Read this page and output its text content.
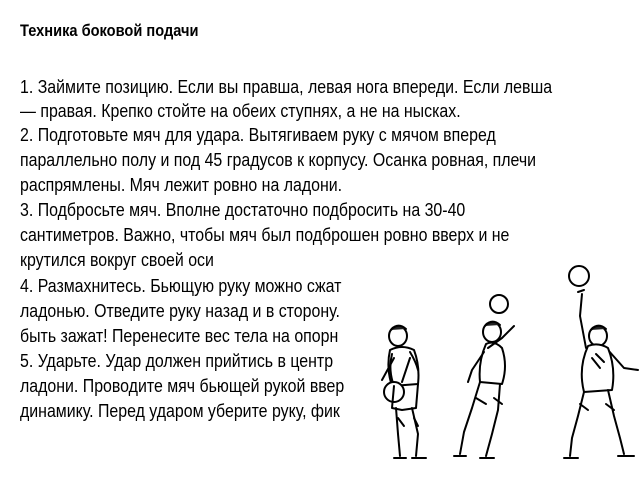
Техника боковой подачи
1. Займите позицию. Если вы правша, левая нога впереди. Если левша
— правая. Крепко стойте на обеих ступнях, а не на нысках.
2. Подготовьте мяч для удара. Вытягиваем руку с мячом вперед
параллельно полу и под 45 градусов к корпусу. Осанка ровная, плечи
распрямлены. Мяч лежит ровно на ладони.
3. Подбросьте мяч. Вполне достаточно подбросить на 30-40
сантиметров. Важно, чтобы мяч был подброшен ровно вверх и не
крутился вокруг своей оси
4. Размахнитесь. Бьющую руку можно сжат
ладонью. Отведите руку назад и в сторону.
быть зажат! Перенесите вес тела на опорн
5. Ударьте. Удар должен прийтись в центр
ладони. Проводите мяч бьющей рукой ввер
динамику. Перед ударом уберите руку, фик
